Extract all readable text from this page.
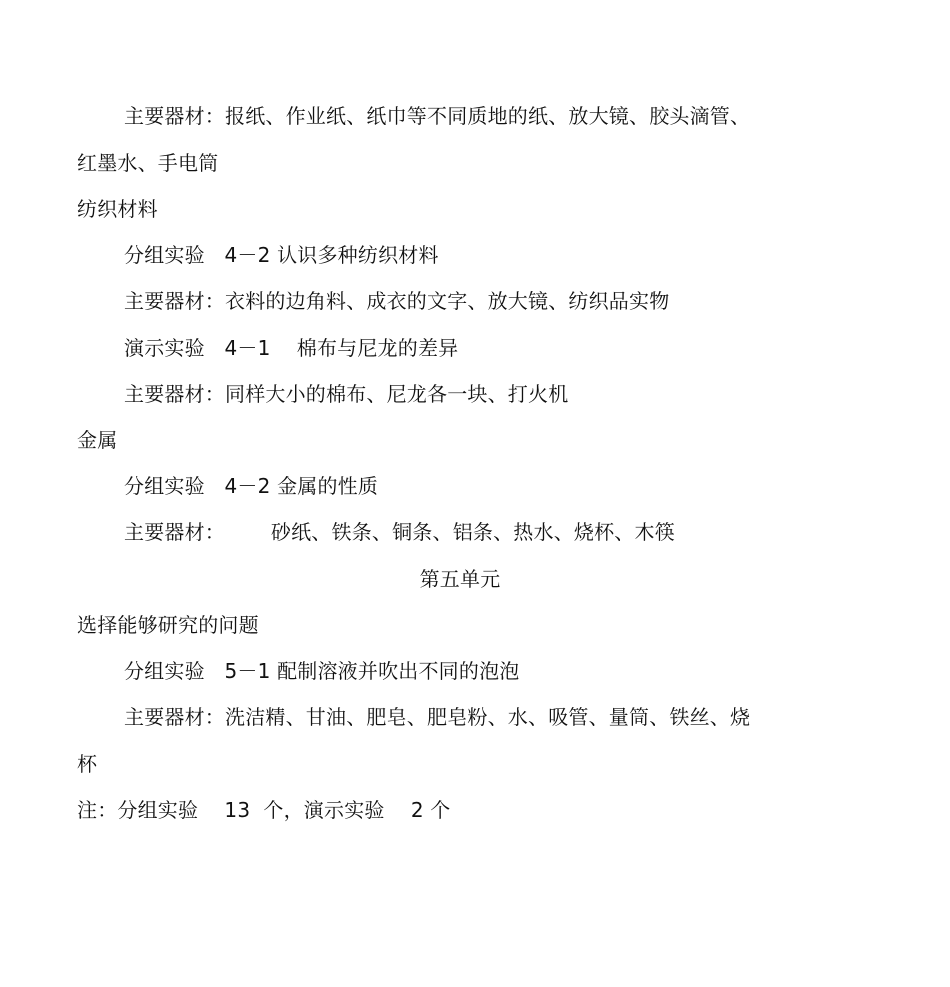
主要器材：报纸、作业纸、纸巾等不同质地的纸、放大镜、胶头滴管、
红墨水、手电筒
纺织材料
分组实验   4－2 认识多种纺织材料
主要器材：衣料的边角料、成衣的文字、放大镜、纺织品实物
演示实验   4－1    棉布与尼龙的差异
主要器材：同样大小的棉布、尼龙各一块、打火机
金属
分组实验   4－2 金属的性质
主要器材：       砂纸、铁条、铜条、铝条、热水、烧杯、木筷
第五单元
选择能够研究的问题
分组实验   5－1 配制溶液并吹出不同的泡泡
主要器材：洗洁精、甘油、肥皂、肥皂粉、水、吸管、量筒、铁丝、烧
杯
注：分组实验    13  个，演示实验    2 个
